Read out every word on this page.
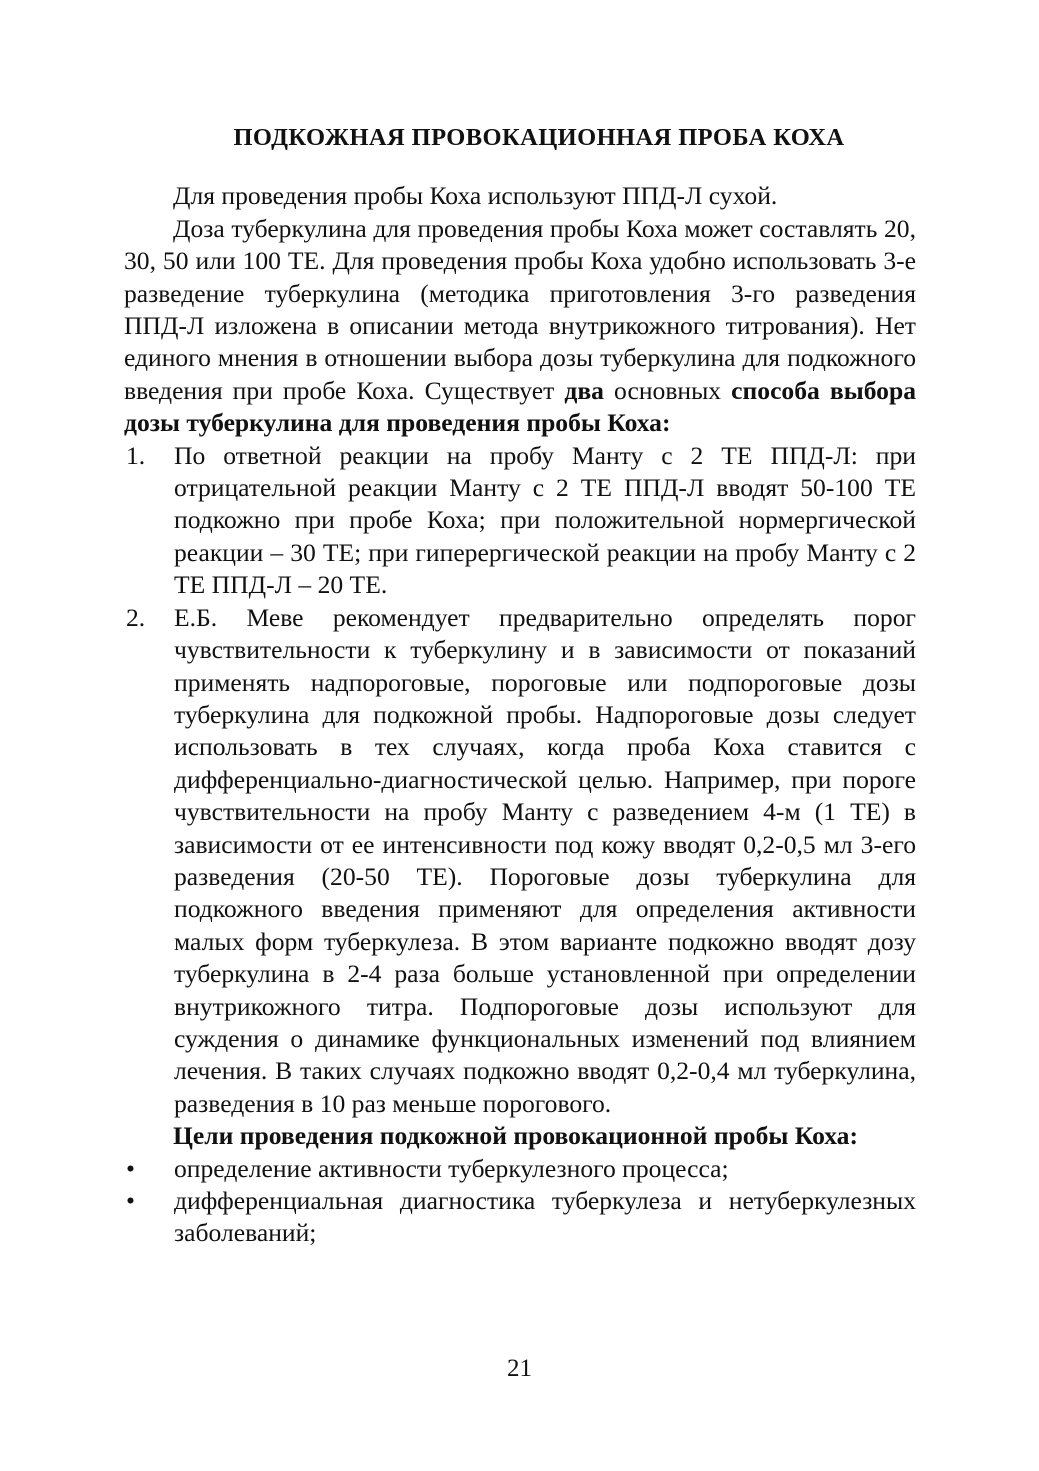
ПОДКОЖНАЯ ПРОВОКАЦИОННАЯ ПРОБА КОХА

Для проведения пробы Коха используют ППД-Л сухой.

Доза туберкулина для проведения пробы Коха может составлять 20, 30, 50 или 100 ТЕ. Для проведения пробы Коха удобно использовать 3-е разведение туберкулина (методика приготовления 3-го разведения ППД-Л изложена в описании метода внутрикожного титрования). Нет единого мнения в отношении выбора дозы туберкулина для подкожного введения при пробе Коха. Существует два основных способа выбора дозы туберкулина для проведения пробы Коха:

1. По ответной реакции на пробу Манту с 2 ТЕ ППД-Л: при отрицательной реакции Манту с 2 ТЕ ППД-Л вводят 50-100 ТЕ подкожно при пробе Коха; при положительной нормергической реакции – 30 ТЕ; при гиперергической реакции на пробу Манту с 2 ТЕ ППД-Л – 20 ТЕ.
2. Е.Б. Меве рекомендует предварительно определять порог чувствительности к туберкулину и в зависимости от показаний применять надпороговые, пороговые или подпороговые дозы туберкулина для подкожной пробы. Надпороговые дозы следует использовать в тех случаях, когда проба Коха ставится с дифференциально-диагностической целью. Например, при пороге чувствительности на пробу Манту с разведением 4-м (1 ТЕ) в зависимости от ее интенсивности под кожу вводят 0,2-0,5 мл 3-его разведения (20-50 ТЕ). Пороговые дозы туберкулина для подкожного введения применяют для определения активности малых форм туберкулеза. В этом варианте подкожно вводят дозу туберкулина в 2-4 раза больше установленной при определении внутрикожного титра. Подпороговые дозы используют для суждения о динамике функциональных изменений под влиянием лечения. В таких случаях подкожно вводят 0,2-0,4 мл туберкулина, разведения в 10 раз меньше порогового.

Цели проведения подкожной провокационной пробы Коха:

• определение активности туберкулезного процесса;
• дифференциальная диагностика туберкулеза и нетуберкулезных заболеваний;
21
